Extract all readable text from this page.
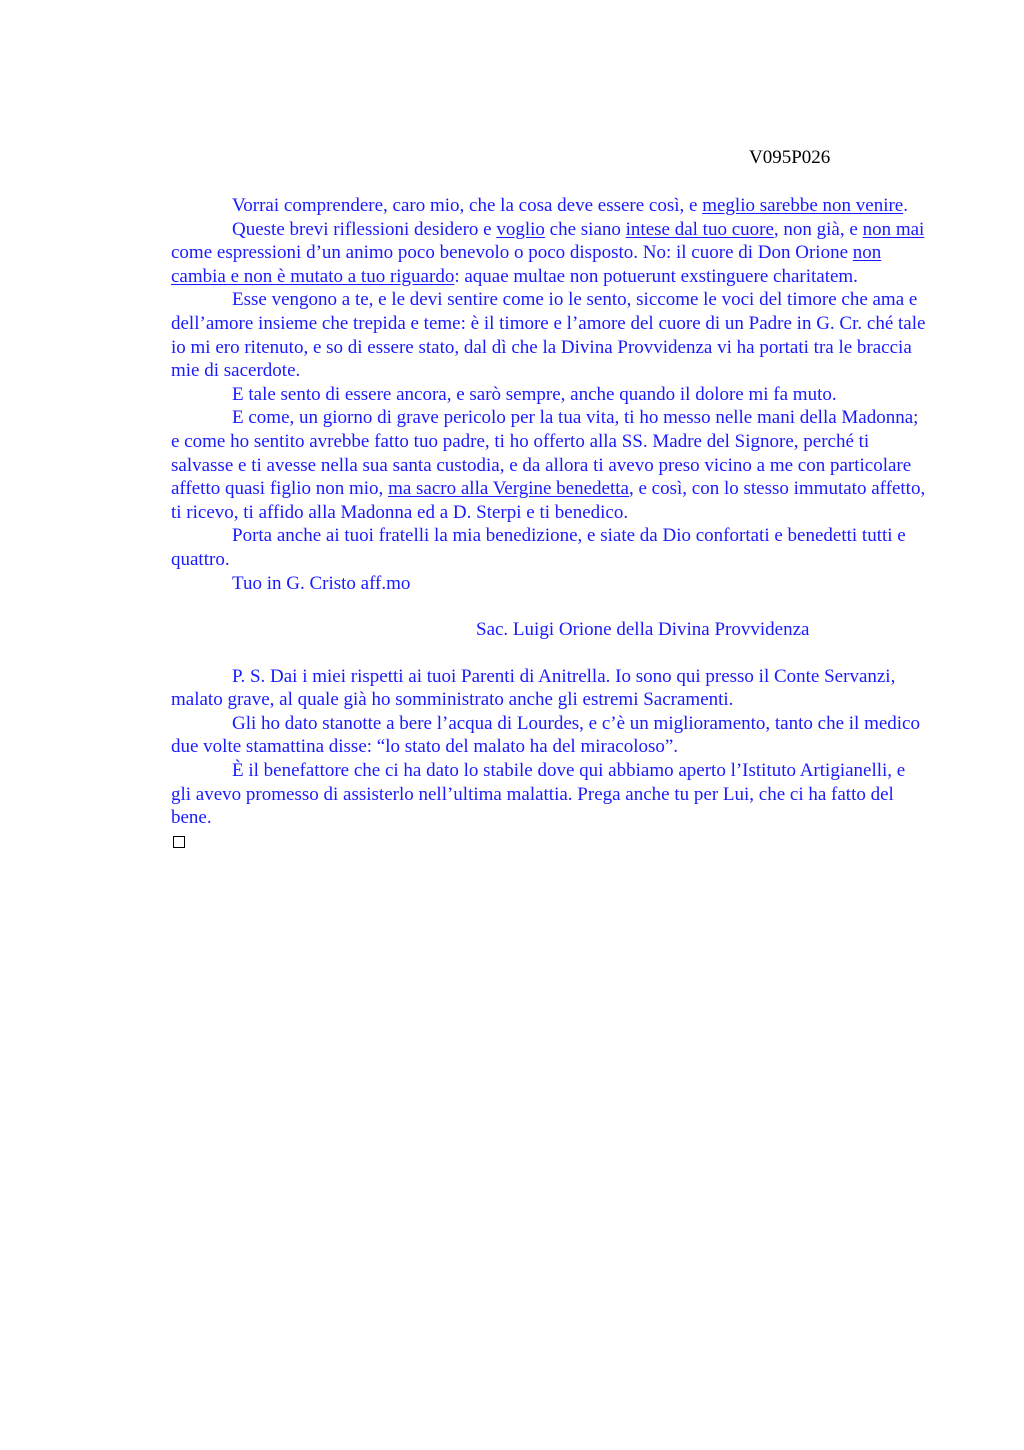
V095P026

Vorrai comprendere, caro mio, che la cosa deve essere così, e meglio sarebbe non venire.

Queste brevi riflessioni desidero e voglio che siano intese dal tuo cuore, non già, e non mai come espressioni d’un animo poco benevolo o poco disposto. No: il cuore di Don Orione non cambia e non è mutato a tuo riguardo: aquae multae non potuerunt exstinguere charitatem.

Esse vengono a te, e le devi sentire come io le sento, siccome le voci del timore che ama e dell’amore insieme che trepida e teme: è il timore e l’amore del cuore di un Padre in G. Cr. ché tale io mi ero ritenuto, e so di essere stato, dal dì che la Divina Provvidenza vi ha portati tra le braccia mie di sacerdote.

E tale sento di essere ancora, e sarò sempre, anche quando il dolore mi fa muto.

E come, un giorno di grave pericolo per la tua vita, ti ho messo nelle mani della Madonna; e come ho sentito avrebbe fatto tuo padre, ti ho offerto alla SS. Madre del Signore, perché ti salvasse e ti avesse nella sua santa custodia, e da allora ti avevo preso vicino a me con particolare affetto quasi figlio non mio, ma sacro alla Vergine benedetta, e così, con lo stesso immutato affetto, ti ricevo, ti affido alla Madonna ed a D. Sterpi e ti benedico.

Porta anche ai tuoi fratelli la mia benedizione, e siate da Dio confortati e benedetti tutti e quattro.

Tuo in G. Cristo aff.mo

Sac. Luigi Orione della Divina Provvidenza

P. S. Dai i miei rispetti ai tuoi Parenti di Anitrella. Io sono qui presso il Conte Servanzi, malato grave, al quale già ho somministrato anche gli estremi Sacramenti.

Gli ho dato stanotte a bere l’acqua di Lourdes, e c’è un miglioramento, tanto che il medico due volte stamattina disse: “lo stato del malato ha del miracoloso”.

È il benefattore che ci ha dato lo stabile dove qui abbiamo aperto l’Istituto Artigianelli, e gli avevo promesso di assisterlo nell’ultima malattia. Prega anche tu per Lui, che ci ha fatto del bene.
